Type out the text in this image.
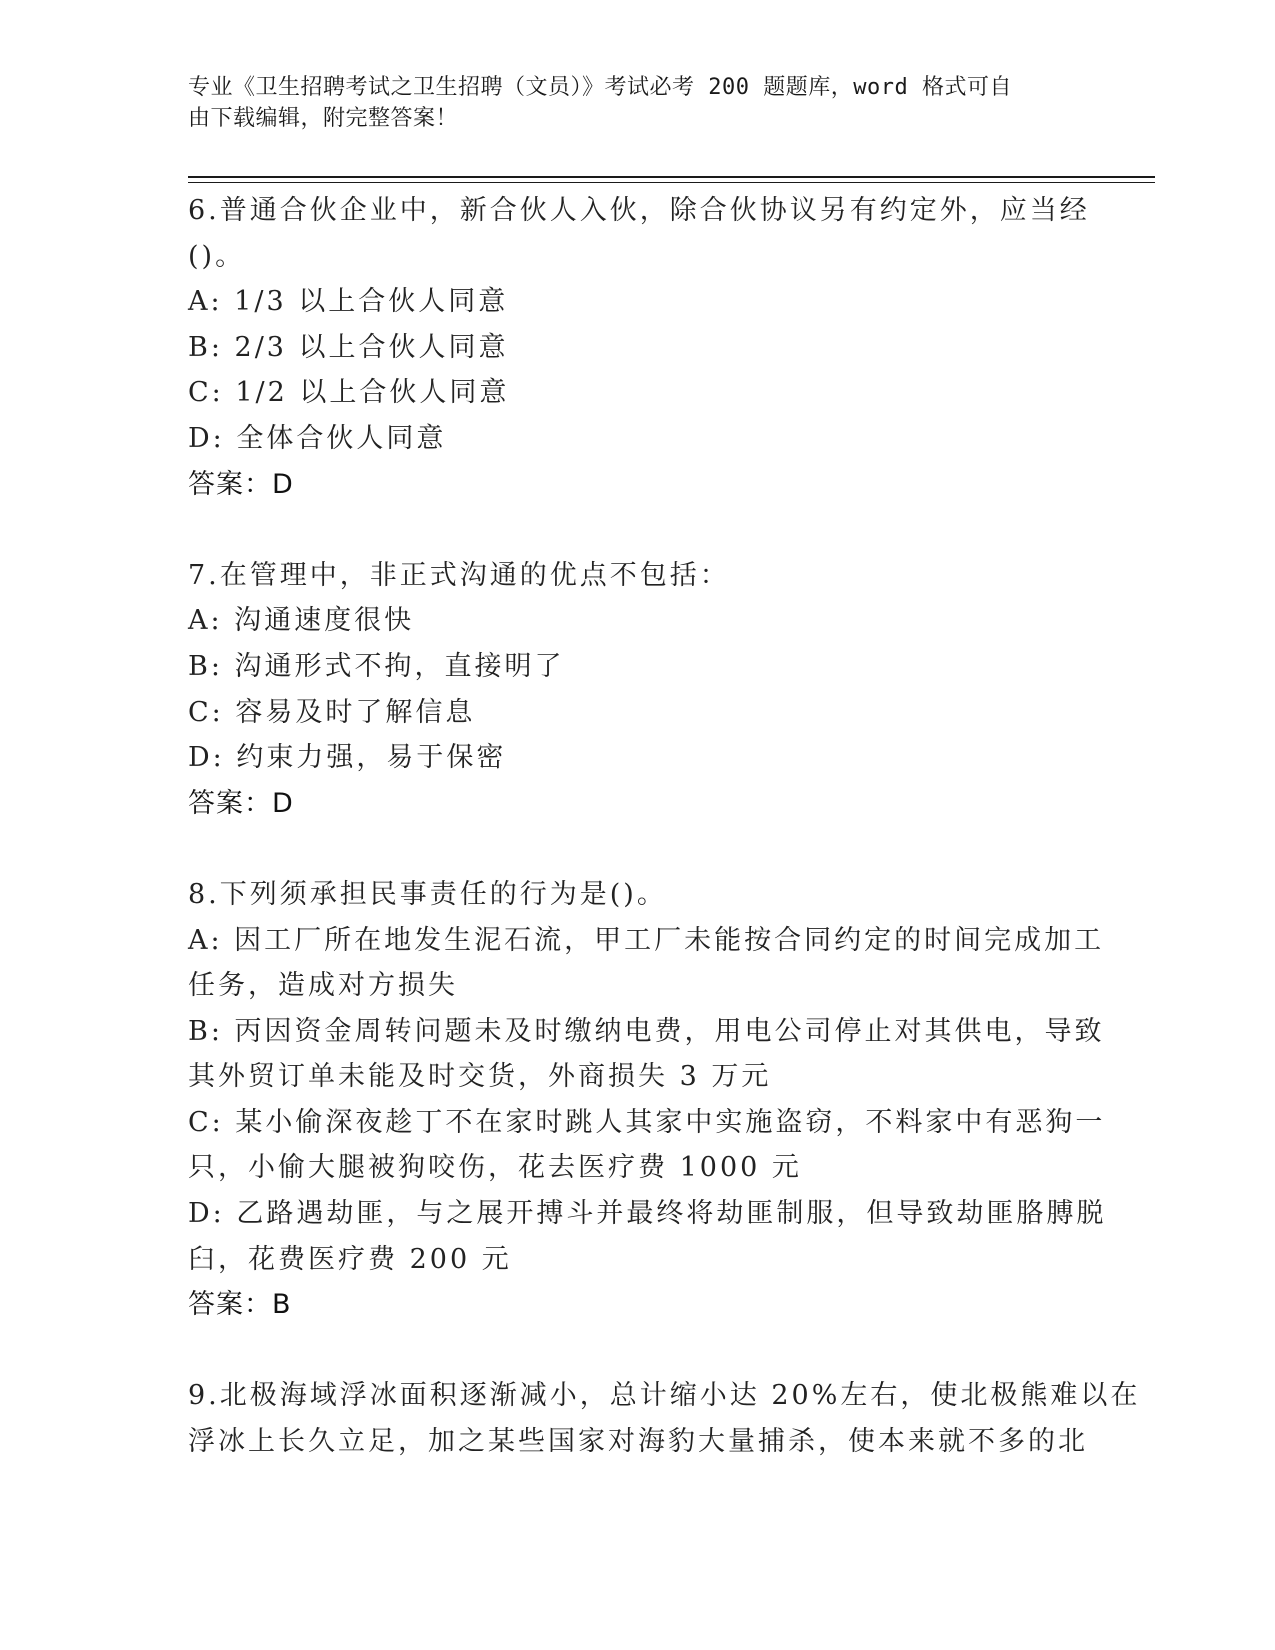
专业《卫生招聘考试之卫生招聘（文员）》考试必考 200 题题库，word 格式可自
由下载编辑，附完整答案！
6.普通合伙企业中，新合伙人入伙，除合伙协议另有约定外，应当经
()。
A: 1/3 以上合伙人同意
B: 2/3 以上合伙人同意
C: 1/2 以上合伙人同意
D: 全体合伙人同意
答案：D
7.在管理中，非正式沟通的优点不包括：
A: 沟通速度很快
B: 沟通形式不拘，直接明了
C: 容易及时了解信息
D: 约束力强，易于保密
答案：D
8.下列须承担民事责任的行为是()。
A: 因工厂所在地发生泥石流，甲工厂未能按合同约定的时间完成加工
任务，造成对方损失
B: 丙因资金周转问题未及时缴纳电费，用电公司停止对其供电，导致
其外贸订单未能及时交货，外商损失 3 万元
C: 某小偷深夜趁丁不在家时跳人其家中实施盗窃，不料家中有恶狗一
只，小偷大腿被狗咬伤，花去医疗费 1000 元
D: 乙路遇劫匪，与之展开搏斗并最终将劫匪制服，但导致劫匪胳膊脱
臼，花费医疗费 200 元
答案：B
9.北极海域浮冰面积逐渐减小，总计缩小达 20%左右，使北极熊难以在
浮冰上长久立足，加之某些国家对海豹大量捕杀，使本来就不多的北
